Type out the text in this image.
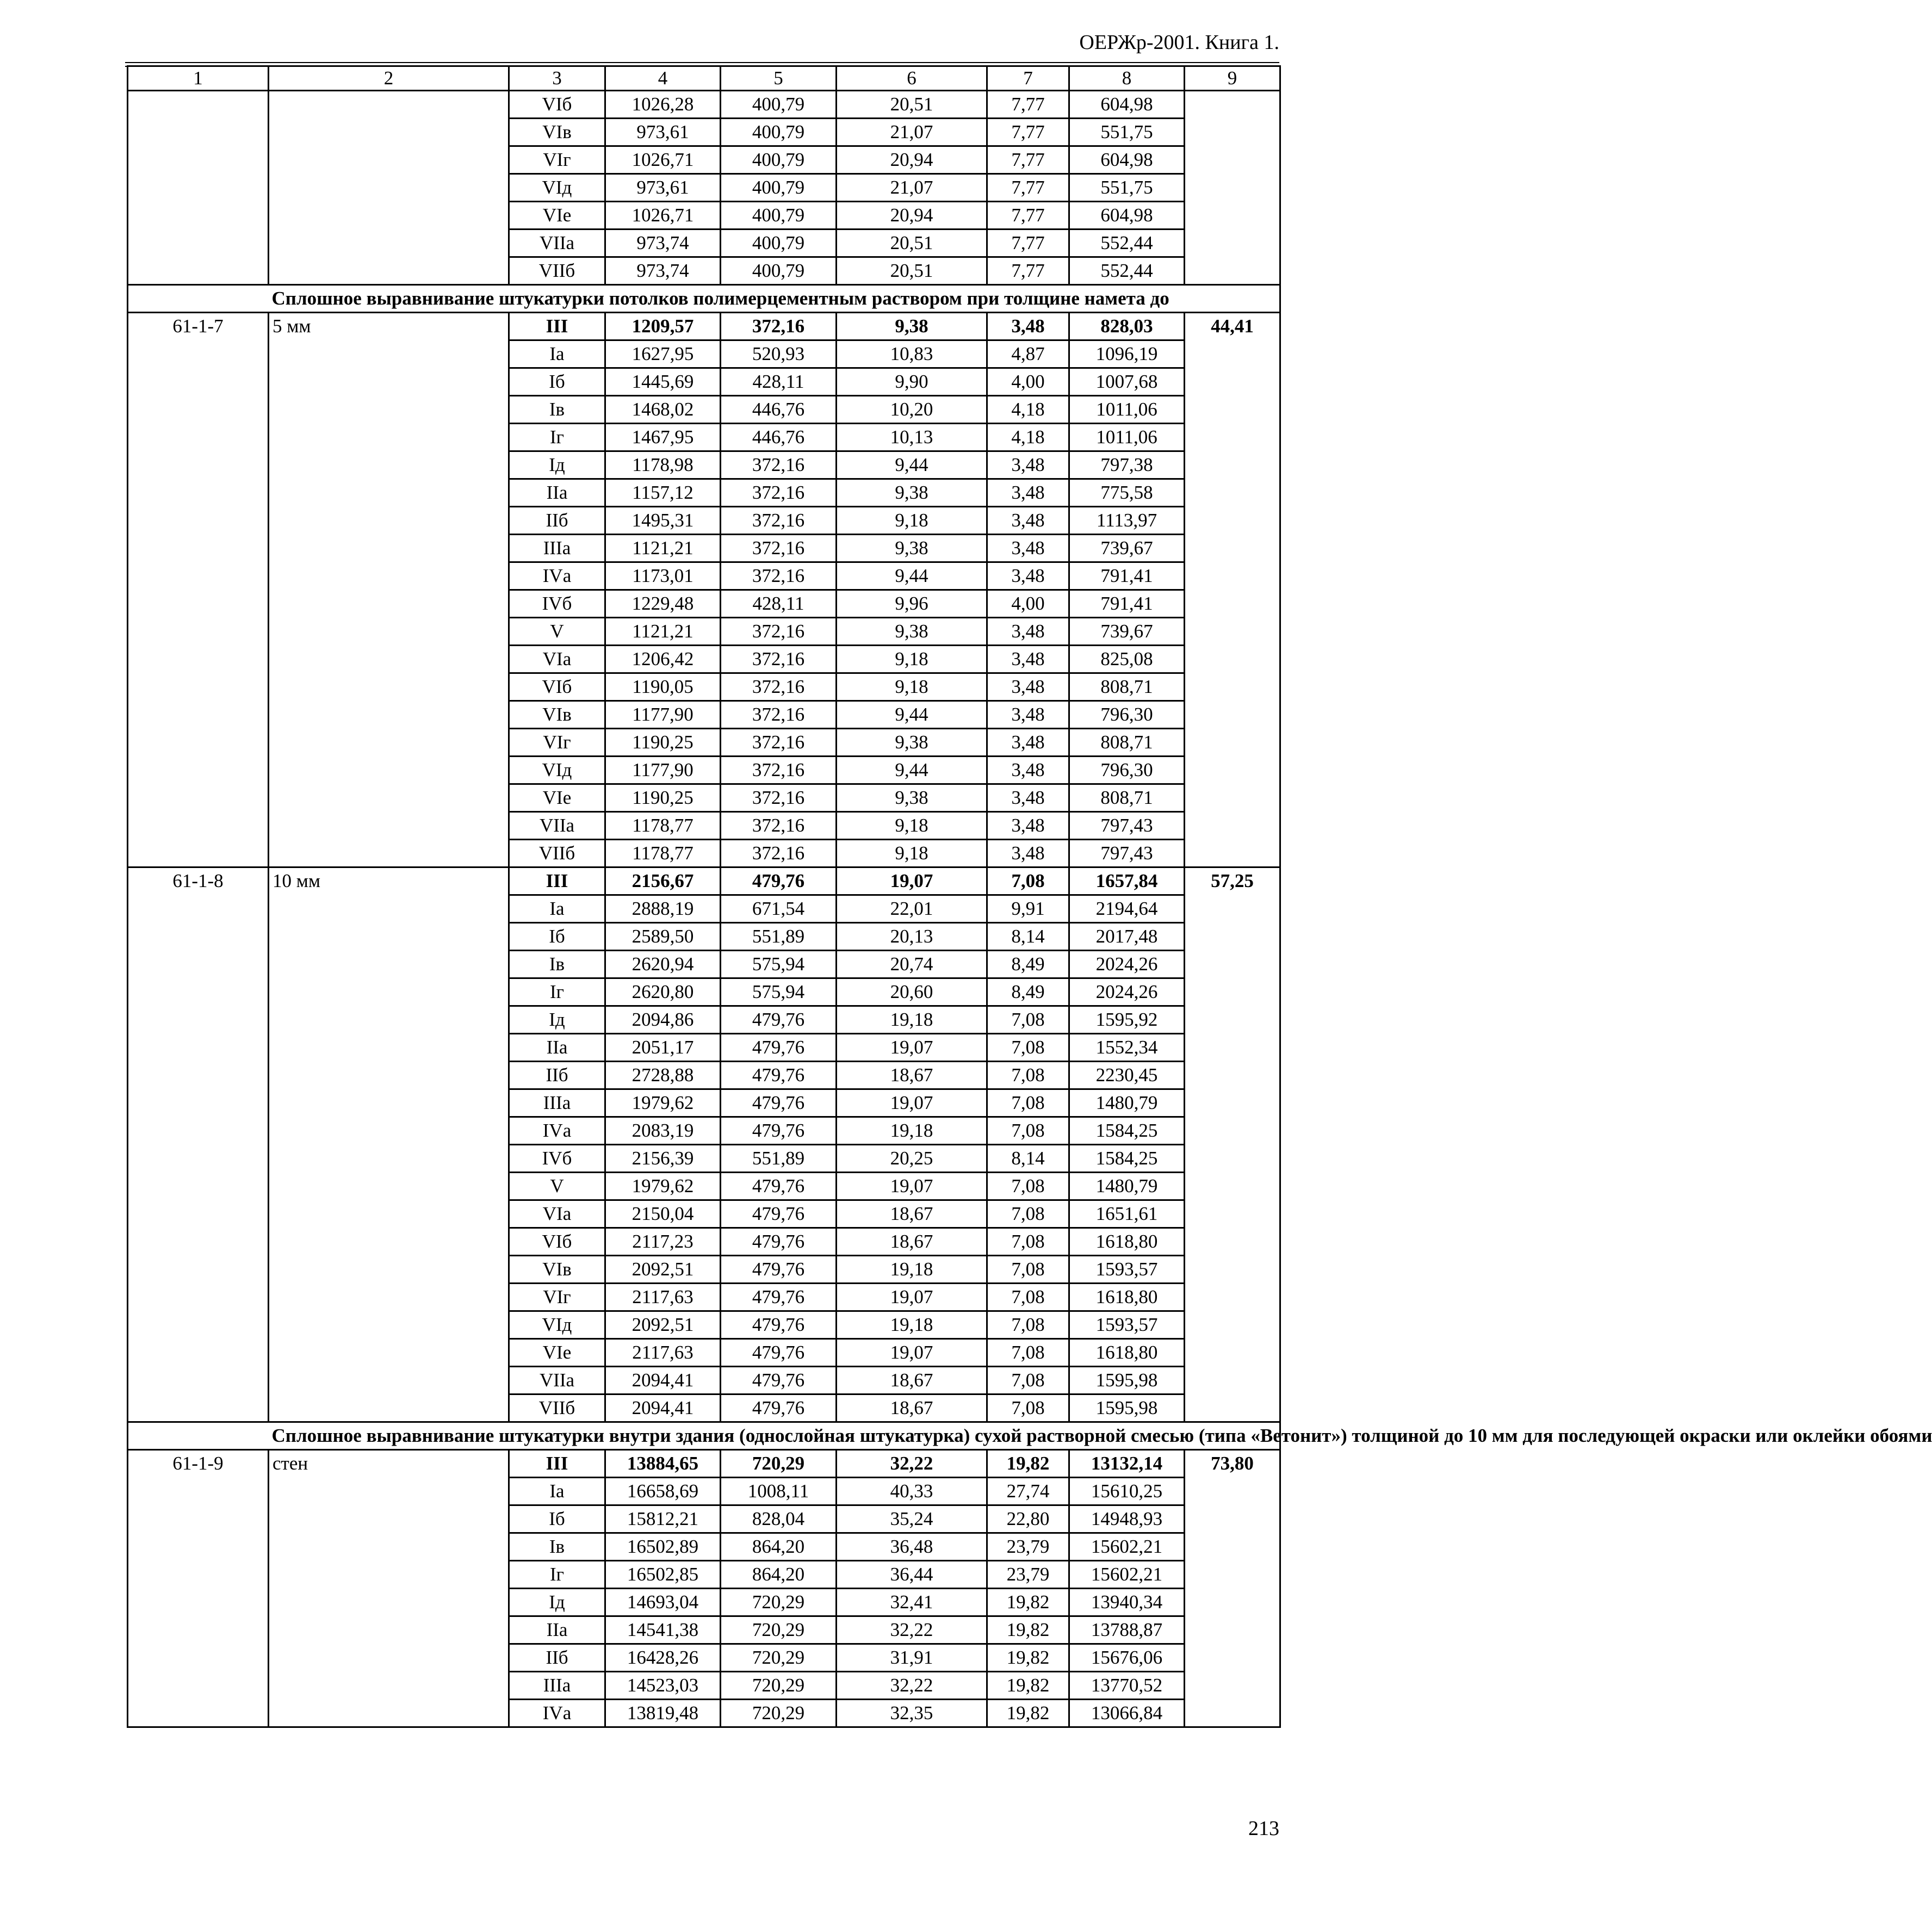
ОЕРЖр-2001. Книга 1.
1	2	3	4	5	6	7	8	9
		VIб	1026,28	400,79	20,51	7,77	604,98	
		VIв	973,61	400,79	21,07	7,77	551,75	
		VIг	1026,71	400,79	20,94	7,77	604,98	
		VIд	973,61	400,79	21,07	7,77	551,75	
		VIе	1026,71	400,79	20,94	7,77	604,98	
		VIIа	973,74	400,79	20,51	7,77	552,44	
		VIIб	973,74	400,79	20,51	7,77	552,44	
	Сплошное выравнивание штукатурки потолков полимерцементным раствором при толщине намета до							
61-1-7	5 мм	III	1209,57	372,16	9,38	3,48	828,03	44,41
		Iа	1627,95	520,93	10,83	4,87	1096,19	
		Iб	1445,69	428,11	9,90	4,00	1007,68	
		Iв	1468,02	446,76	10,20	4,18	1011,06	
		Iг	1467,95	446,76	10,13	4,18	1011,06	
		Iд	1178,98	372,16	9,44	3,48	797,38	
		IIа	1157,12	372,16	9,38	3,48	775,58	
		IIб	1495,31	372,16	9,18	3,48	1113,97	
		IIIа	1121,21	372,16	9,38	3,48	739,67	
		IVа	1173,01	372,16	9,44	3,48	791,41	
		IVб	1229,48	428,11	9,96	4,00	791,41	
		V	1121,21	372,16	9,38	3,48	739,67	
		VIа	1206,42	372,16	9,18	3,48	825,08	
		VIб	1190,05	372,16	9,18	3,48	808,71	
		VIв	1177,90	372,16	9,44	3,48	796,30	
		VIг	1190,25	372,16	9,38	3,48	808,71	
		VIд	1177,90	372,16	9,44	3,48	796,30	
		VIе	1190,25	372,16	9,38	3,48	808,71	
		VIIа	1178,77	372,16	9,18	3,48	797,43	
		VIIб	1178,77	372,16	9,18	3,48	797,43	
61-1-8	10 мм	III	2156,67	479,76	19,07	7,08	1657,84	57,25
		Iа	2888,19	671,54	22,01	9,91	2194,64	
		Iб	2589,50	551,89	20,13	8,14	2017,48	
		Iв	2620,94	575,94	20,74	8,49	2024,26	
		Iг	2620,80	575,94	20,60	8,49	2024,26	
		Iд	2094,86	479,76	19,18	7,08	1595,92	
		IIа	2051,17	479,76	19,07	7,08	1552,34	
		IIб	2728,88	479,76	18,67	7,08	2230,45	
		IIIа	1979,62	479,76	19,07	7,08	1480,79	
		IVа	2083,19	479,76	19,18	7,08	1584,25	
		IVб	2156,39	551,89	20,25	8,14	1584,25	
		V	1979,62	479,76	19,07	7,08	1480,79	
		VIа	2150,04	479,76	18,67	7,08	1651,61	
		VIб	2117,23	479,76	18,67	7,08	1618,80	
		VIв	2092,51	479,76	19,18	7,08	1593,57	
		VIг	2117,63	479,76	19,07	7,08	1618,80	
		VIд	2092,51	479,76	19,18	7,08	1593,57	
		VIе	2117,63	479,76	19,07	7,08	1618,80	
		VIIа	2094,41	479,76	18,67	7,08	1595,98	
		VIIб	2094,41	479,76	18,67	7,08	1595,98	
	Сплошное выравнивание штукатурки внутри здания (однослойная штукатурка) сухой растворной смесью (типа «Ветонит») толщиной до 10 мм для последующей окраски или оклейки обоями							
61-1-9	стен	III	13884,65	720,29	32,22	19,82	13132,14	73,80
		Iа	16658,69	1008,11	40,33	27,74	15610,25	
		Iб	15812,21	828,04	35,24	22,80	14948,93	
		Iв	16502,89	864,20	36,48	23,79	15602,21	
		Iг	16502,85	864,20	36,44	23,79	15602,21	
		Iд	14693,04	720,29	32,41	19,82	13940,34	
		IIа	14541,38	720,29	32,22	19,82	13788,87	
		IIб	16428,26	720,29	31,91	19,82	15676,06	
		IIIа	14523,03	720,29	32,22	19,82	13770,52	
		IVа	13819,48	720,29	32,35	19,82	13066,84	
213
